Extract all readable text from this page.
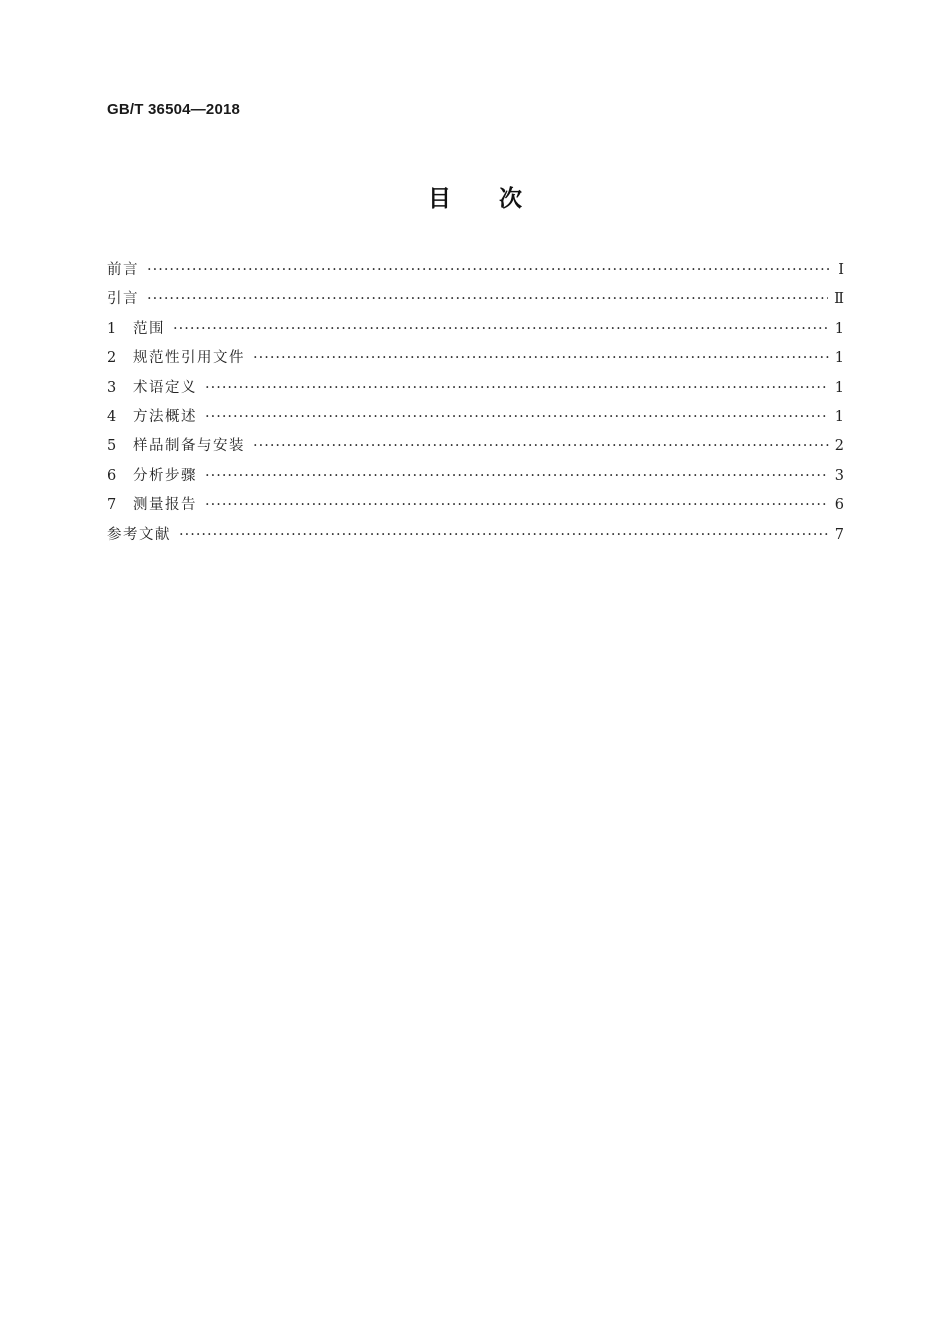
GB/T 36504—2018
目次
前言 ·····	Ⅰ
引言 ·····	Ⅱ
1	范围 ·····	1
2	规范性引用文件 ·····	1
3	术语定义 ·····	1
4	方法概述 ·····	1
5	样品制备与安装 ·····	2
6	分析步骤 ·····	3
7	测量报告 ·····	6
参考文献 ·····	7
